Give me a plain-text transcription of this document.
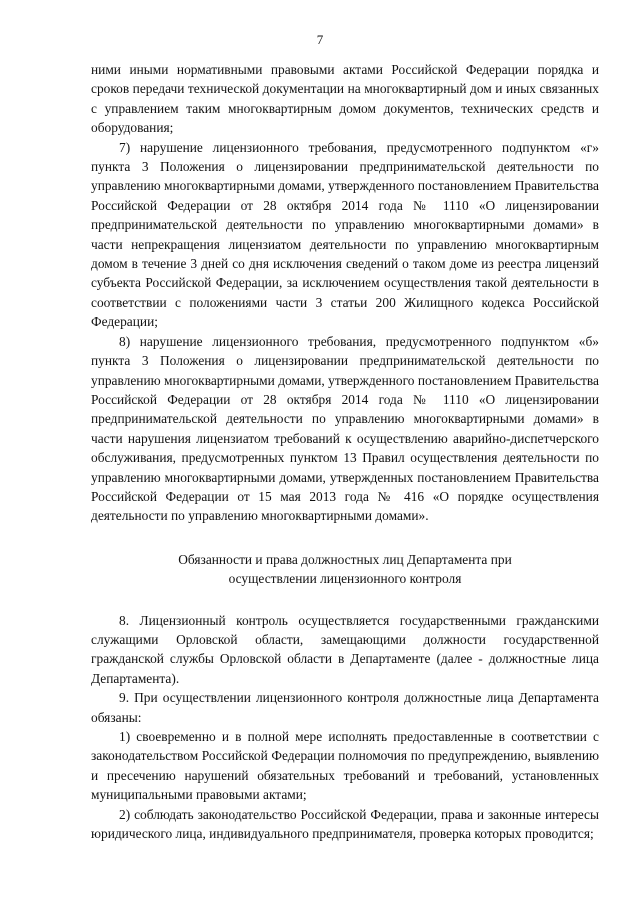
7

ними иными нормативными правовыми актами Российской Федерации порядка и сроков передачи технической документации на многоквартирный дом и иных связанных с управлением таким многоквартирным домом документов, технических средств и оборудования;

7) нарушение лицензионного требования, предусмотренного подпунктом «г» пункта 3 Положения о лицензировании предпринимательской деятельности по управлению многоквартирными домами, утвержденного постановлением Правительства Российской Федерации от 28 октября 2014 года № 1110 «О лицензировании предпринимательской деятельности по управлению многоквартирными домами» в части непрекращения лицензиатом деятельности по управлению многоквартирным домом в течение 3 дней со дня исключения сведений о таком доме из реестра лицензий субъекта Российской Федерации, за исключением осуществления такой деятельности в соответствии с положениями части 3 статьи 200 Жилищного кодекса Российской Федерации;

8) нарушение лицензионного требования, предусмотренного подпунктом «б» пункта 3 Положения о лицензировании предпринимательской деятельности по управлению многоквартирными домами, утвержденного постановлением Правительства Российской Федерации от 28 октября 2014 года № 1110 «О лицензировании предпринимательской деятельности по управлению многоквартирными домами» в части нарушения лицензиатом требований к осуществлению аварийно-диспетчерского обслуживания, предусмотренных пунктом 13 Правил осуществления деятельности по управлению многоквартирными домами, утвержденных постановлением Правительства Российской Федерации от 15 мая 2013 года № 416 «О порядке осуществления деятельности по управлению многоквартирными домами».

Обязанности и права должностных лиц Департамента при
осуществлении лицензионного контроля

8. Лицензионный контроль осуществляется государственными гражданскими служащими Орловской области, замещающими должности государственной гражданской службы Орловской области в Департаменте (далее - должностные лица Департамента).

9. При осуществлении лицензионного контроля должностные лица Департамента обязаны:

1) своевременно и в полной мере исполнять предоставленные в соответствии с законодательством Российской Федерации полномочия по предупреждению, выявлению и пресечению нарушений обязательных требований и требований, установленных муниципальными правовыми актами;

2) соблюдать законодательство Российской Федерации, права и законные интересы юридического лица, индивидуального предпринимателя, проверка которых проводится;
